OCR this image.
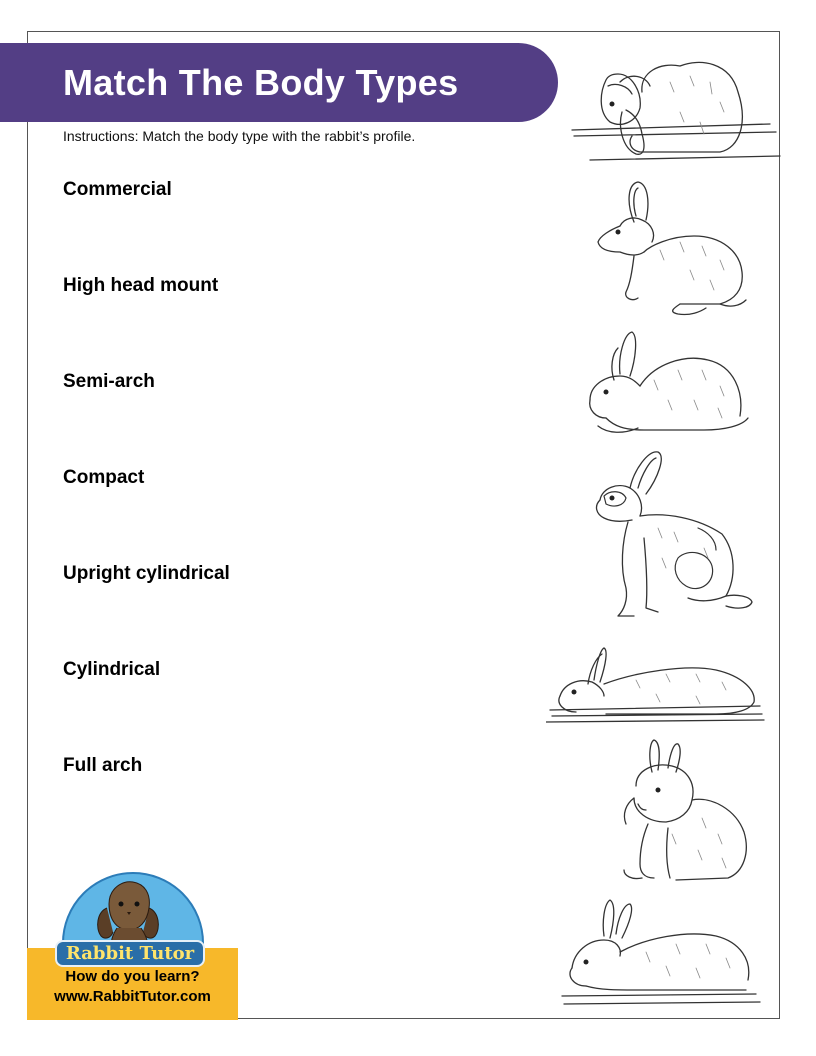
Match The Body Types
Instructions: Match the body type with the rabbit’s profile.
Commercial
High head mount
Semi-arch
Compact
Upright cylindrical
Cylindrical
Full arch
Rabbit Tutor
How do you learn?
www.RabbitTutor.com
